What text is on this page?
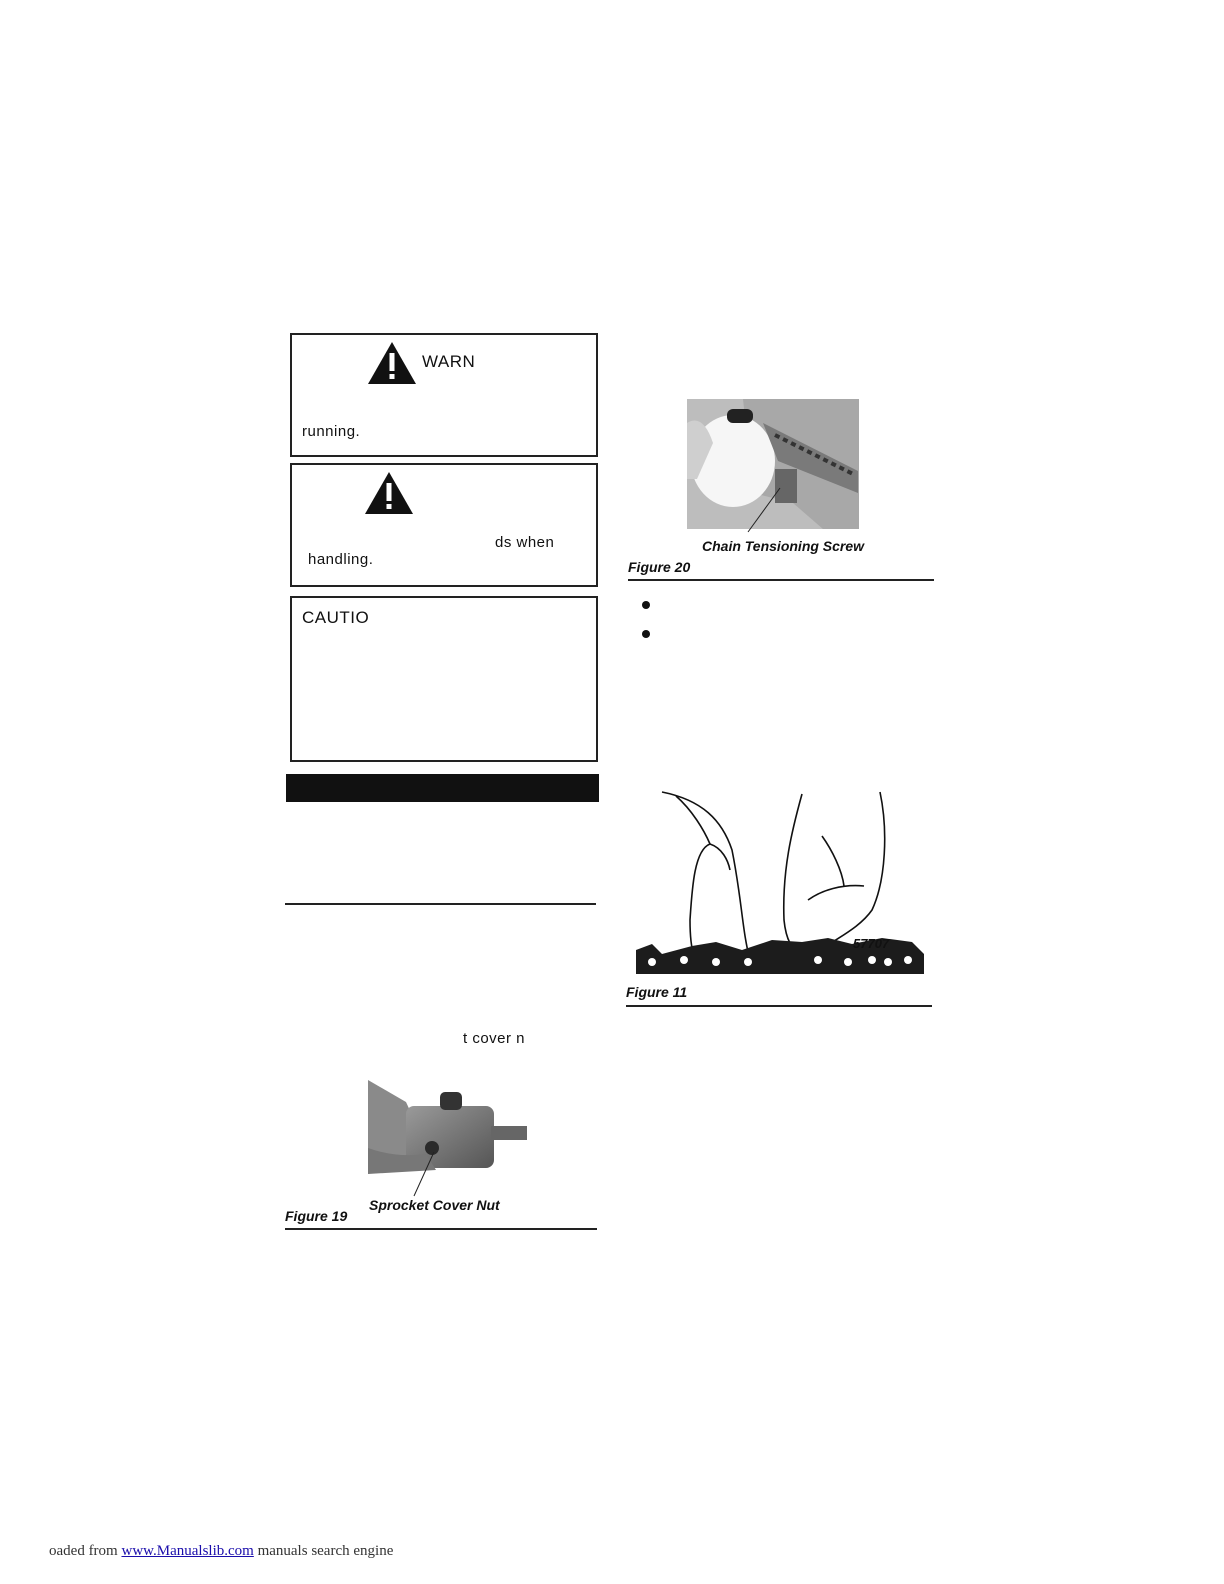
WARN
running.
ds when
handling.
CAUTIO
t cover n
Sprocket Cover Nut
Figure 19
Chain Tensioning Screw
Figure 20
57707
Figure 11
oaded from www.Manualslib.com manuals search engine
